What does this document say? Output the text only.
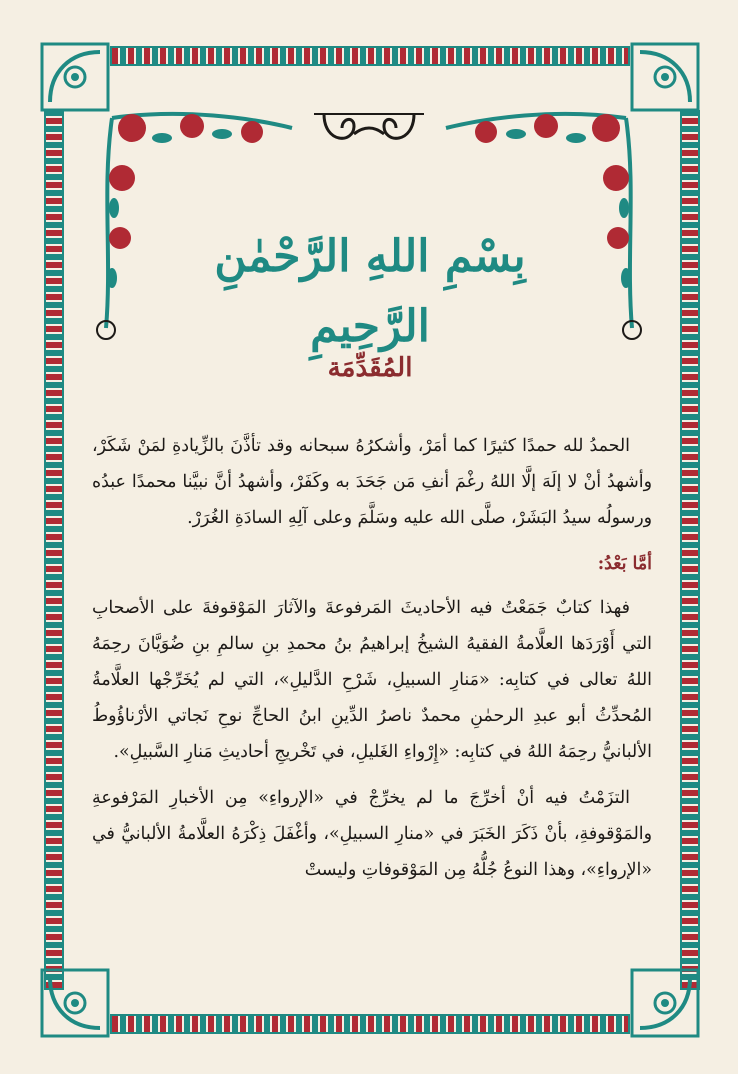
بِسْمِ اللهِ الرَّحْمٰنِ الرَّحِيمِ
المُقَدِّمَة

الحمدُ لله حمدًا كثيرًا كما أمَرْ، وأشكرُهُ سبحانه وقد تأذَّنَ بالزِّيادةِ لمَنْ شَكَرْ، وأشهدُ أنْ لا إلَهَ إلَّا اللهُ رغْمَ أنفِ مَن جَحَدَ به وكَفَرْ، وأشهدُ أنَّ نبيَّنا محمدًا عبدُه ورسولُه سيدُ البَشَرْ، صلَّى الله عليه وسَلَّمَ وعلى آلِهِ السادَةِ الغُرَرْ.

أمَّا بَعْدُ:

فهذا كتابٌ جَمَعْتُ فيه الأحاديثَ المَرفوعةَ والآثارَ المَوْقوفةَ على الأصحابِ التي أَوْرَدَها العلَّامةُ الفقيهُ الشيخُ إبراهيمُ بنُ محمدِ بنِ سالمِ بنِ ضُوَيَّانَ رحِمَهُ اللهُ تعالى في كتابِه: «مَنارِ السبيلِ، شَرْحِ الدَّليلِ»، التي لم يُخَرِّجْها العلَّامةُ المُحدِّثُ أبو عبدِ الرحمٰنِ محمدٌ ناصرُ الدِّينِ ابنُ الحاجِّ نوحِ نَجاتي الأرْناؤُوطُ الألبانيُّ رحِمَهُ اللهُ في كتابِه: «إِرْواءِ الغَليلِ، في تَخْريجِ أحاديثِ مَنارِ السَّبيلِ».

التزَمْتُ فيه أنْ أخرِّجَ ما لم يخرِّجْ في «الإرواءِ» مِن الأخبارِ المَرْفوعةِ والمَوْقوفةِ، بأنْ ذَكَرَ الخَبَرَ في «منارِ السبيلِ»، وأغْفَلَ ذِكْرَهُ العلَّامةُ الألبانيُّ في «الإرواءِ»، وهذا النوعُ جُلُّهُ مِن المَوْقوفاتِ وليستْ
